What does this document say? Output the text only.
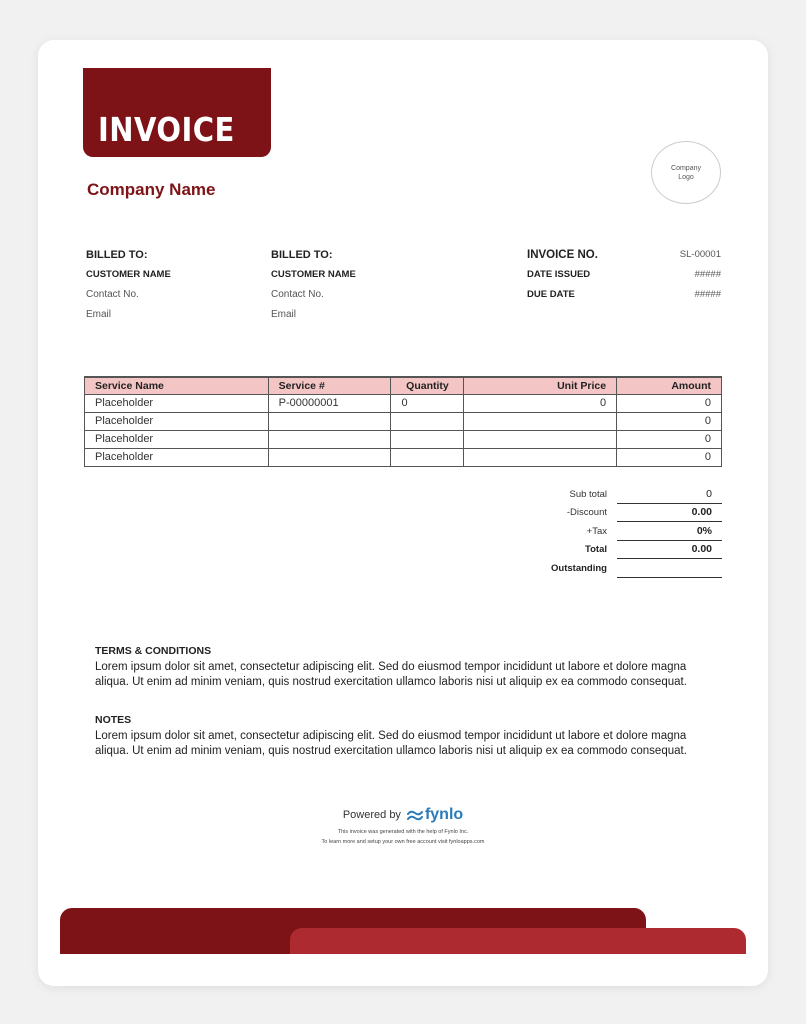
INVOICE
Company Name
Company Logo
BILLED TO:
CUSTOMER NAME
Contact No.
Email
BILLED TO:
CUSTOMER NAME
Contact No.
Email
INVOICE NO.	SL-00001
DATE ISSUED	#####
DUE DATE	#####
Service Name	Service #	Quantity	Unit Price	Amount
Placeholder	P-00000001	0	0	0
Placeholder				0
Placeholder				0
Placeholder				0
Sub total	0
-Discount	0.00
+Tax	0%
Total	0.00
Outstanding
TERMS & CONDITIONS

Lorem ipsum dolor sit amet, consectetur adipiscing elit. Sed do eiusmod tempor incididunt ut labore et dolore magna aliqua. Ut enim ad minim veniam, quis nostrud exercitation ullamco laboris nisi ut aliquip ex ea commodo consequat.

NOTES

Lorem ipsum dolor sit amet, consectetur adipiscing elit. Sed do eiusmod tempor incididunt ut labore et dolore magna aliqua. Ut enim ad minim veniam, quis nostrud exercitation ullamco laboris nisi ut aliquip ex ea commodo consequat.

Powered by fynlo
This invoice was generated with the help of Fynlo Inc.
To learn more and setup your own free account visit fynloapps.com
